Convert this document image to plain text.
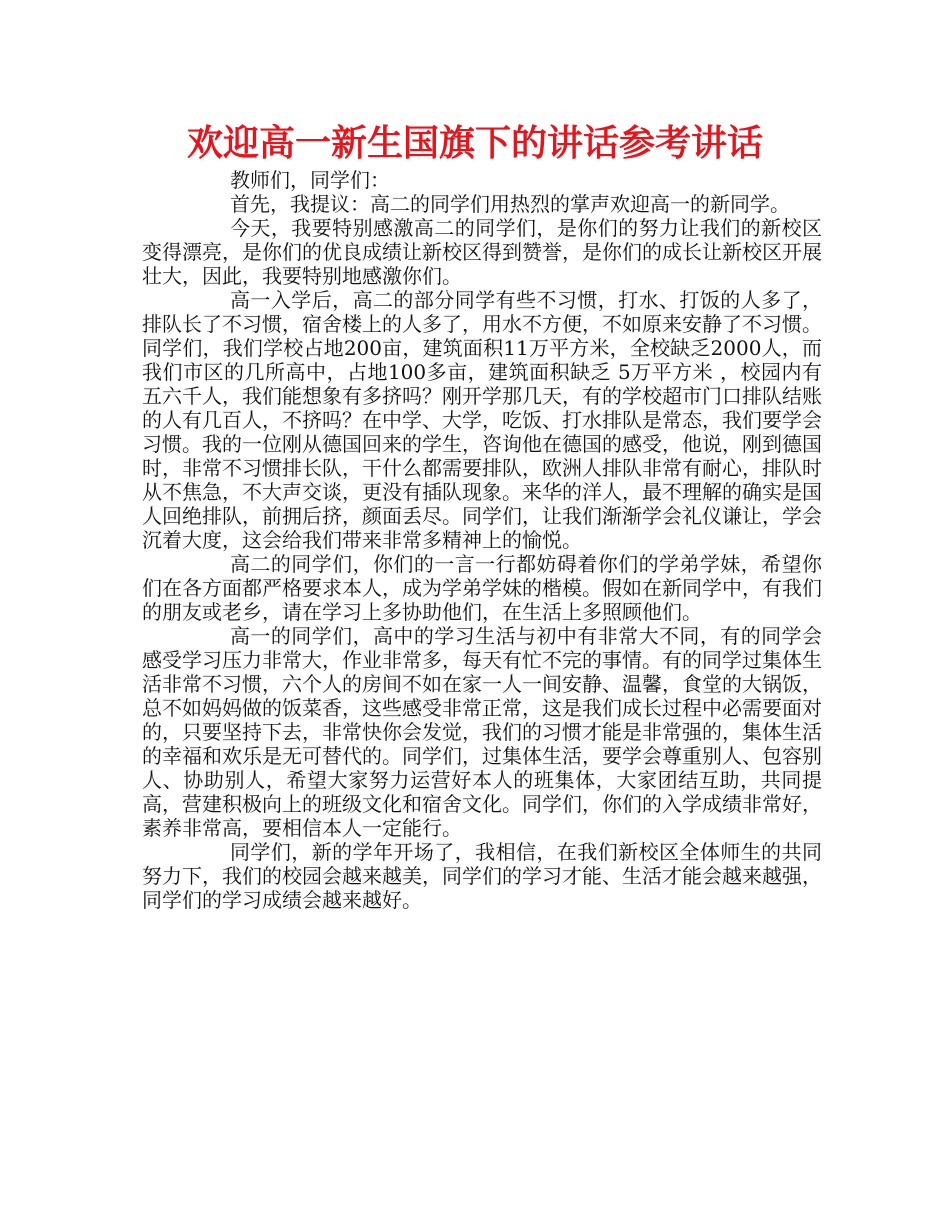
欢迎高一新生国旗下的讲话参考讲话

教师们，同学们：

首先，我提议：高二的同学们用热烈的掌声欢迎高一的新同学。

今天，我要特别感激高二的同学们，是你们的努力让我们的新校区变得漂亮，是你们的优良成绩让新校区得到赞誉，是你们的成长让新校区开展壮大，因此，我要特别地感激你们。

高一入学后，高二的部分同学有些不习惯，打水、打饭的人多了，排队长了不习惯，宿舍楼上的人多了，用水不方便，不如原来安静了不习惯。同学们，我们学校占地200亩，建筑面积11万平方米，全校缺乏2000人，而我们市区的几所高中，占地100多亩，建筑面积缺乏 5万平方米 ，校园内有五六千人，我们能想象有多挤吗？刚开学那几天，有的学校超市门口排队结账的人有几百人，不挤吗？在中学、大学，吃饭、打水排队是常态，我们要学会习惯。我的一位刚从德国回来的学生，咨询他在德国的感受，他说，刚到德国时，非常不习惯排长队，干什么都需要排队，欧洲人排队非常有耐心，排队时从不焦急，不大声交谈，更没有插队现象。来华的洋人，最不理解的确实是国人回绝排队，前拥后挤，颜面丢尽。同学们，让我们渐渐学会礼仪谦让，学会沉着大度，这会给我们带来非常多精神上的愉悦。

高二的同学们，你们的一言一行都妨碍着你们的学弟学妹，希望你们在各方面都严格要求本人，成为学弟学妹的楷模。假如在新同学中，有我们的朋友或老乡，请在学习上多协助他们，在生活上多照顾他们。

高一的同学们，高中的学习生活与初中有非常大不同，有的同学会感受学习压力非常大，作业非常多，每天有忙不完的事情。有的同学过集体生活非常不习惯，六个人的房间不如在家一人一间安静、温馨，食堂的大锅饭，总不如妈妈做的饭菜香，这些感受非常正常，这是我们成长过程中必需要面对的，只要坚持下去，非常快你会发觉，我们的习惯才能是非常强的，集体生活的幸福和欢乐是无可替代的。同学们，过集体生活，要学会尊重别人、包容别人、协助别人，希望大家努力运营好本人的班集体，大家团结互助，共同提高，营建积极向上的班级文化和宿舍文化。同学们，你们的入学成绩非常好，素养非常高，要相信本人一定能行。

同学们，新的学年开场了，我相信，在我们新校区全体师生的共同努力下，我们的校园会越来越美，同学们的学习才能、生活才能会越来越强，同学们的学习成绩会越来越好。
